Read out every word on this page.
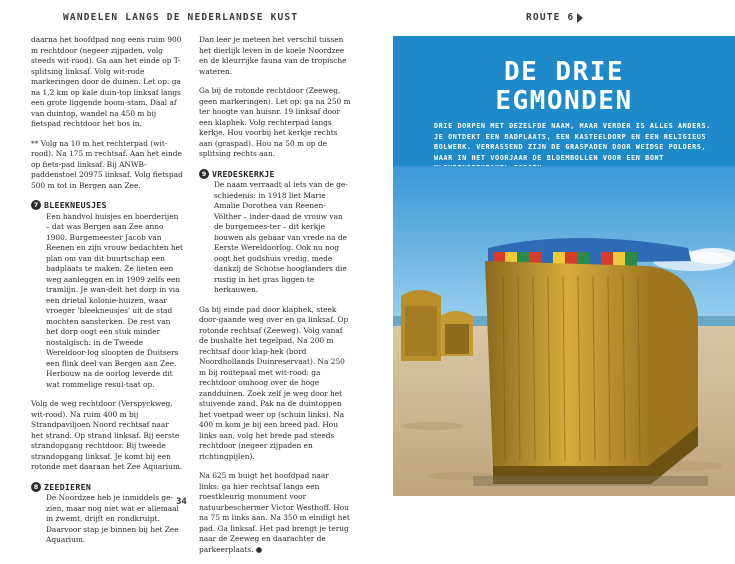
WANDELEN LANGS DE NEDERLANDSE KUST	ROUTE 6

daarna het hoofdpad nog eens ruim 900 m rechtdoor (negeer zijpaden, volg steeds wit-rood). Ga aan het einde op T-splitsing linksaf. Volg wit-rode markeringen door de duinen. Let op: ga na 1,2 km op kale duin-top linksaf langs een grote liggende boom-stam. Daal af van duintop, wandel na 450 m bij fietspad rechtdoor het bos in.

** Volg na 10 m het rechterpad (wit-rood). Na 175 m rechtsaf. Aan het einde op fiets-pad linksaf. Bij ANWB-paddenstoel 20975 linksaf. Volg fietspad 500 m tot in Bergen aan Zee.

7 BLEEKNEUSJES

Een handvol huisjes en boerderijen – dat was Bergen aan Zee anno 1900. Burgemeester Jacob van Reenen en zijn vrouw bedachten het plan om van dit buurtschap een badplaats te maken. Ze lieten een weg aanleggen en in 1909 zelfs een tramlijn. Je wan-delt het dorp in via een drietal kolonie-huizen, waar vroeger 'bleekneusjes' uit de stad mochten aansterken. De rest van het dorp oogt een stuk minder nostalgisch: in de Tweede Wereldoor-log sloopten de Duitsers een flink deel van Bergen aan Zee. Herbouw na de oorlog leverde dit wat rommelige resul-taat op.

Volg de weg rechtdoor (Verspyckweg, wit-rood). Na ruim 400 m bij Strandpaviljoen Noord rechtsaf naar het strand. Op strand linksaf. Bij eerste strandopgang rechtdoor. Bij tweede strandopgang linksaf. Je komt bij een rotonde met daaraan het Zee Aquarium.

8 ZEEDIEREN

De Noordzee heb je inmiddels ge-zien, maar nog niet wat er allemaal in zwemt, drijft en rondkruipt. Daarvoor stap je binnen bij het Zee Aquarium.

Dan leer je meteen het verschil tussen het dierlijk leven in de koele Noordzee en de kleurrijke fauna van de tropische wateren.

Ga bij de rotonde rechtdoor (Zeeweg, geen markeringen). Let op: ga na 250 m ter hoogte van huisnr. 19 linksaf door een klaphek. Volg rechterpad langs kerkje. Hou voorbij het kerkje rechts aan (graspad). Hou na 50 m op de splitsing rechts aan.

9 VREDESKERKJE

De naam verraadt al iets van de ge-schiedenis: in 1918 liet Marie Amalie Dorothea van Reenen-Völther – inder-daad de vrouw van de burgemees-ter – dit kerkje bouwen als gebaar van vrede na de Eerste Wereldoorlog. Ook nu nog oogt het godshuis vredig, mede dankzij de Schotse hooglanders die rustig in het gras liggen te herkauwen.

Ga bij einde pad door klaphek, steek door-gaande weg over en ga linksaf. Op rotonde rechtsaf (Zeeweg). Volg vanaf de bushalte het tegelpad. Na 200 m rechtsaf door klap-hek (bord Noordhollands Duinreservaat). Na 250 m bij routepaal met wit-rood: ga rechtdoor omhoog over de hoge zandduinen. Zoek zelf je weg door het stuivende zand. Pak na de duintoppen het voetpad weer op (schuin links). Na 400 m kom je bij een breed pad. Hou links aan, volg het brede pad steeds rechtdoor (negeer zijpaden en richtingpijlen).

Na 625 m buigt het hoofdpad naar links: ga hier rechtsaf langs een roestkleurig monument voor natuurbeschermer Victor Westhoff. Hou na 75 m links aan. Na 350 m eindigt het pad. Ga linksaf. Het pad brengt je terug naar de Zeeweg en daarachter de parkeerplaats. ●

34
DE DRIE
EGMONDEN
DRIE DORPEN MET DEZELFDE NAAM, MAAR VERDER IS ALLES ANDERS. JE ONTDEKT EEN BADPLAATS, EEN KASTEELDORP EN EEN RELIGIEUS BOLWERK. VERRASSEND ZIJN DE GRASPADEN DOOR WEIDSE POLDERS, WAAR IN HET VOORJAAR DE BLOEMBOLLEN VOOR EEN BONT
